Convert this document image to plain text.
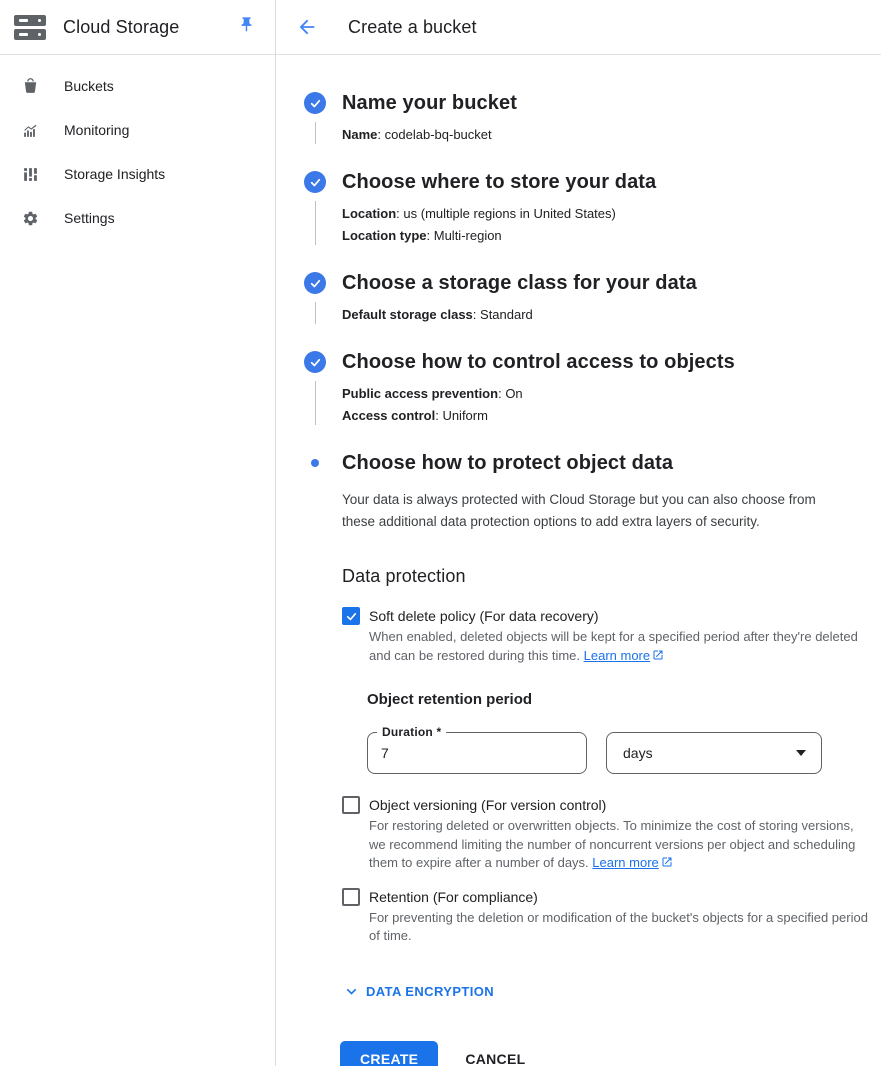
Cloud Storage
Buckets
Monitoring
Storage Insights
Settings
Create a bucket
Name your bucket
Name: codelab-bq-bucket
Choose where to store your data
Location: us (multiple regions in United States)
Location type: Multi-region
Choose a storage class for your data
Default storage class: Standard
Choose how to control access to objects
Public access prevention: On
Access control: Uniform
Choose how to protect object data

Your data is always protected with Cloud Storage but you can also choose from these additional data protection options to add extra layers of security.

Data protection
Soft delete policy (For data recovery)
When enabled, deleted objects will be kept for a specified period after they're deleted and can be restored during this time. Learn more
Object retention period
Duration *
7
days
Object versioning (For version control)
For restoring deleted or overwritten objects. To minimize the cost of storing versions, we recommend limiting the number of noncurrent versions per object and scheduling them to expire after a number of days. Learn more
Retention (For compliance)
For preventing the deletion or modification of the bucket's objects for a specified period of time.
DATA ENCRYPTION
CREATE	CANCEL
